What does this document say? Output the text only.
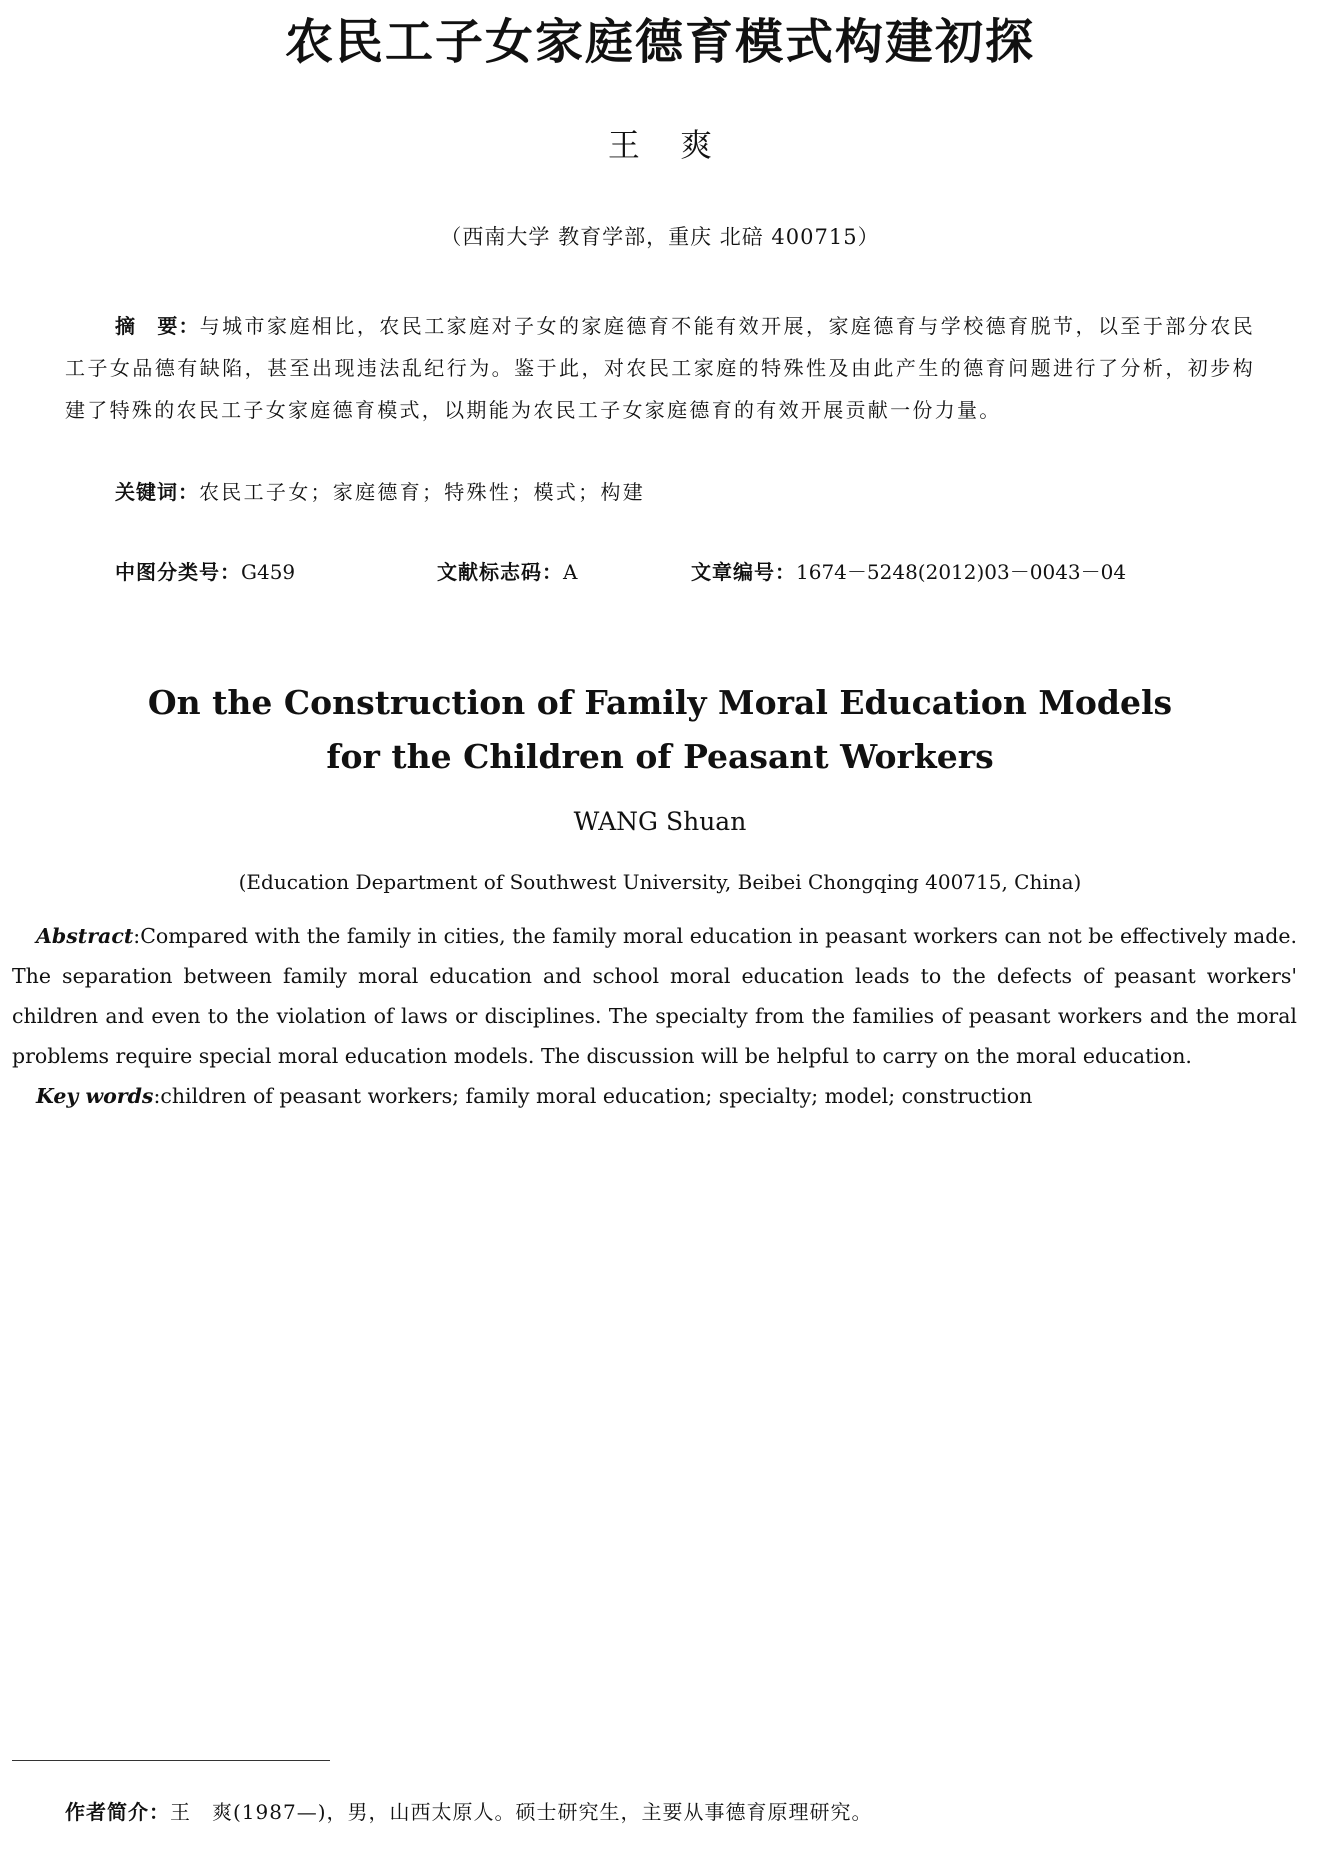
农民工子女家庭德育模式构建初探
王 爽
（西南大学 教育学部，重庆 北碚 400715）
摘　要：与城市家庭相比，农民工家庭对子女的家庭德育不能有效开展，家庭德育与学校德育脱节，以至于部分农民工子女品德有缺陷，甚至出现违法乱纪行为。鉴于此，对农民工家庭的特殊性及由此产生的德育问题进行了分析，初步构建了特殊的农民工子女家庭德育模式，以期能为农民工子女家庭德育的有效开展贡献一份力量。
关键词：农民工子女；家庭德育；特殊性；模式；构建
中图分类号：G459	文献标志码：A	文章编号：1674－5248(2012)03－0043－04
On the Construction of Family Moral Education Models
for the Children of Peasant Workers
WANG Shuan
(Education Department of Southwest University, Beibei Chongqing 400715, China)
Abstract:Compared with the family in cities, the family moral education in peasant workers can not be effectively made. The separation between family moral education and school moral education leads to the defects of peasant workers' children and even to the violation of laws or disciplines. The specialty from the families of peasant workers and the moral problems require special moral education models. The discussion will be helpful to carry on the moral education.
Key words:children of peasant workers; family moral education; specialty; model; construction
作者简介：王　爽(1987—)，男，山西太原人。硕士研究生，主要从事德育原理研究。
